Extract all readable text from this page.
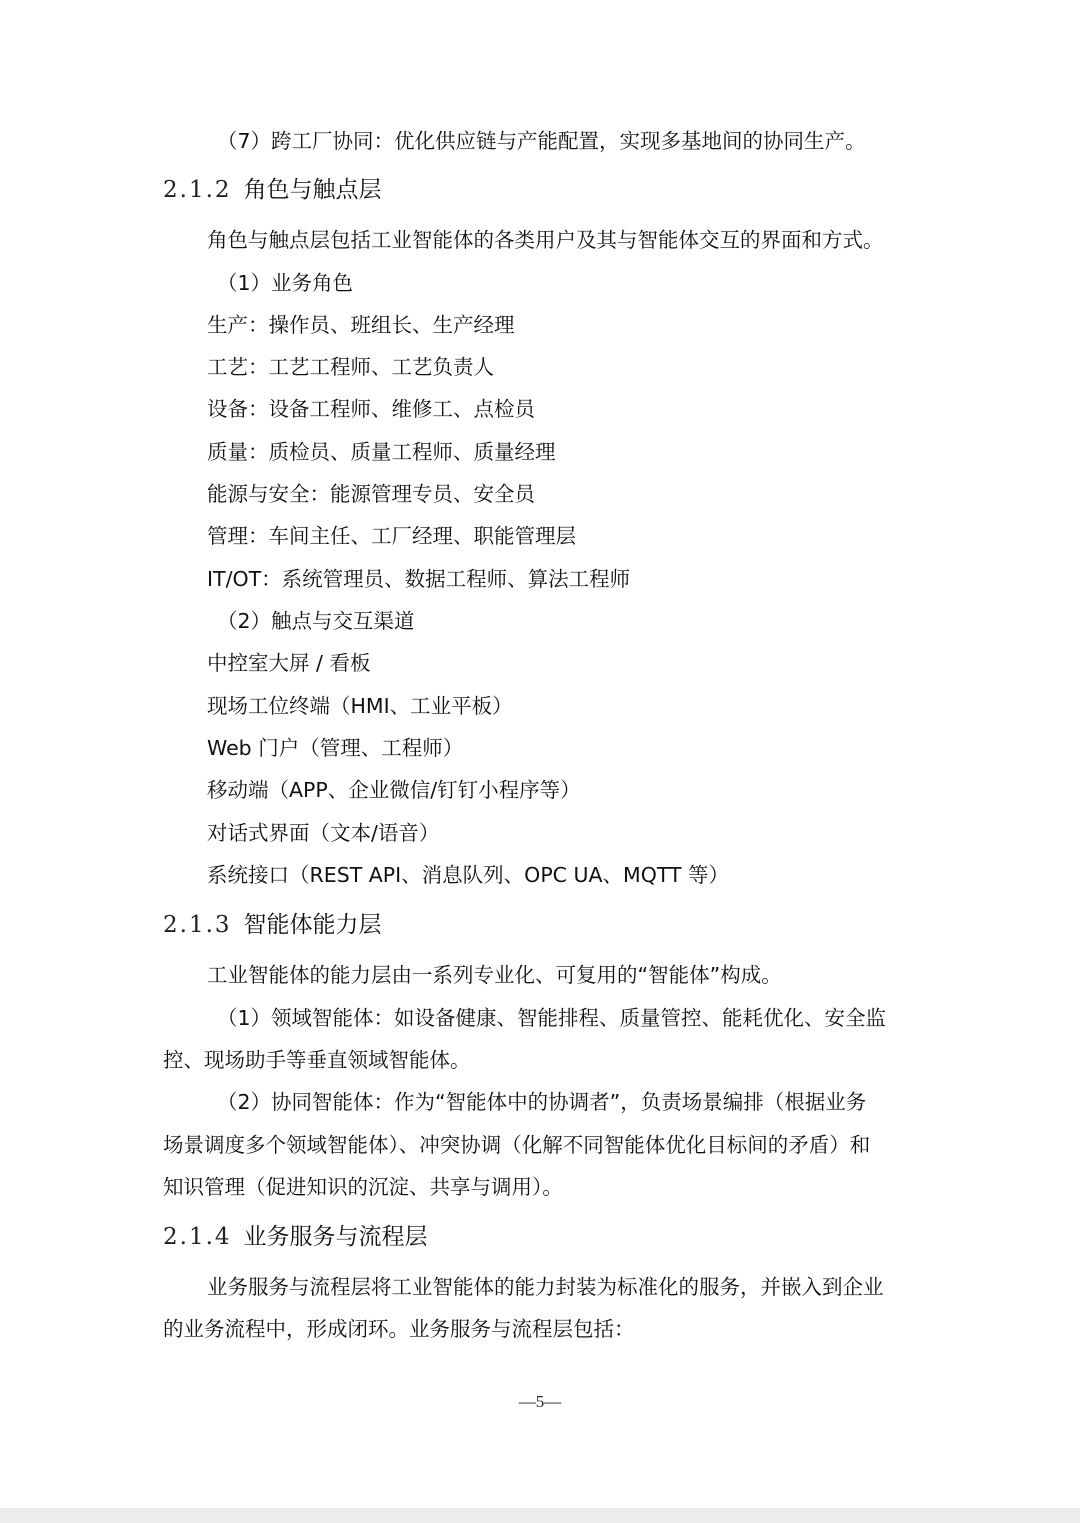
（7）跨工厂协同：优化供应链与产能配置，实现多基地间的协同生产。
2.1.2 角色与触点层
角色与触点层包括工业智能体的各类用户及其与智能体交互的界面和方式。
（1）业务角色
生产：操作员、班组长、生产经理
工艺：工艺工程师、工艺负责人
设备：设备工程师、维修工、点检员
质量：质检员、质量工程师、质量经理
能源与安全：能源管理专员、安全员
管理：车间主任、工厂经理、职能管理层
IT/OT：系统管理员、数据工程师、算法工程师
（2）触点与交互渠道
中控室大屏 / 看板
现场工位终端（HMI、工业平板）
Web 门户（管理、工程师）
移动端（APP、企业微信/钉钉小程序等）
对话式界面（文本/语音）
系统接口（REST API、消息队列、OPC UA、MQTT 等）
2.1.3 智能体能力层
工业智能体的能力层由一系列专业化、可复用的“智能体”构成。
（1）领域智能体：如设备健康、智能排程、质量管控、能耗优化、安全监
控、现场助手等垂直领域智能体。
（2）协同智能体：作为“智能体中的协调者”，负责场景编排（根据业务
场景调度多个领域智能体）、冲突协调（化解不同智能体优化目标间的矛盾）和
知识管理（促进知识的沉淀、共享与调用）。
2.1.4 业务服务与流程层
业务服务与流程层将工业智能体的能力封装为标准化的服务，并嵌入到企业
的业务流程中，形成闭环。业务服务与流程层包括：
—5—
